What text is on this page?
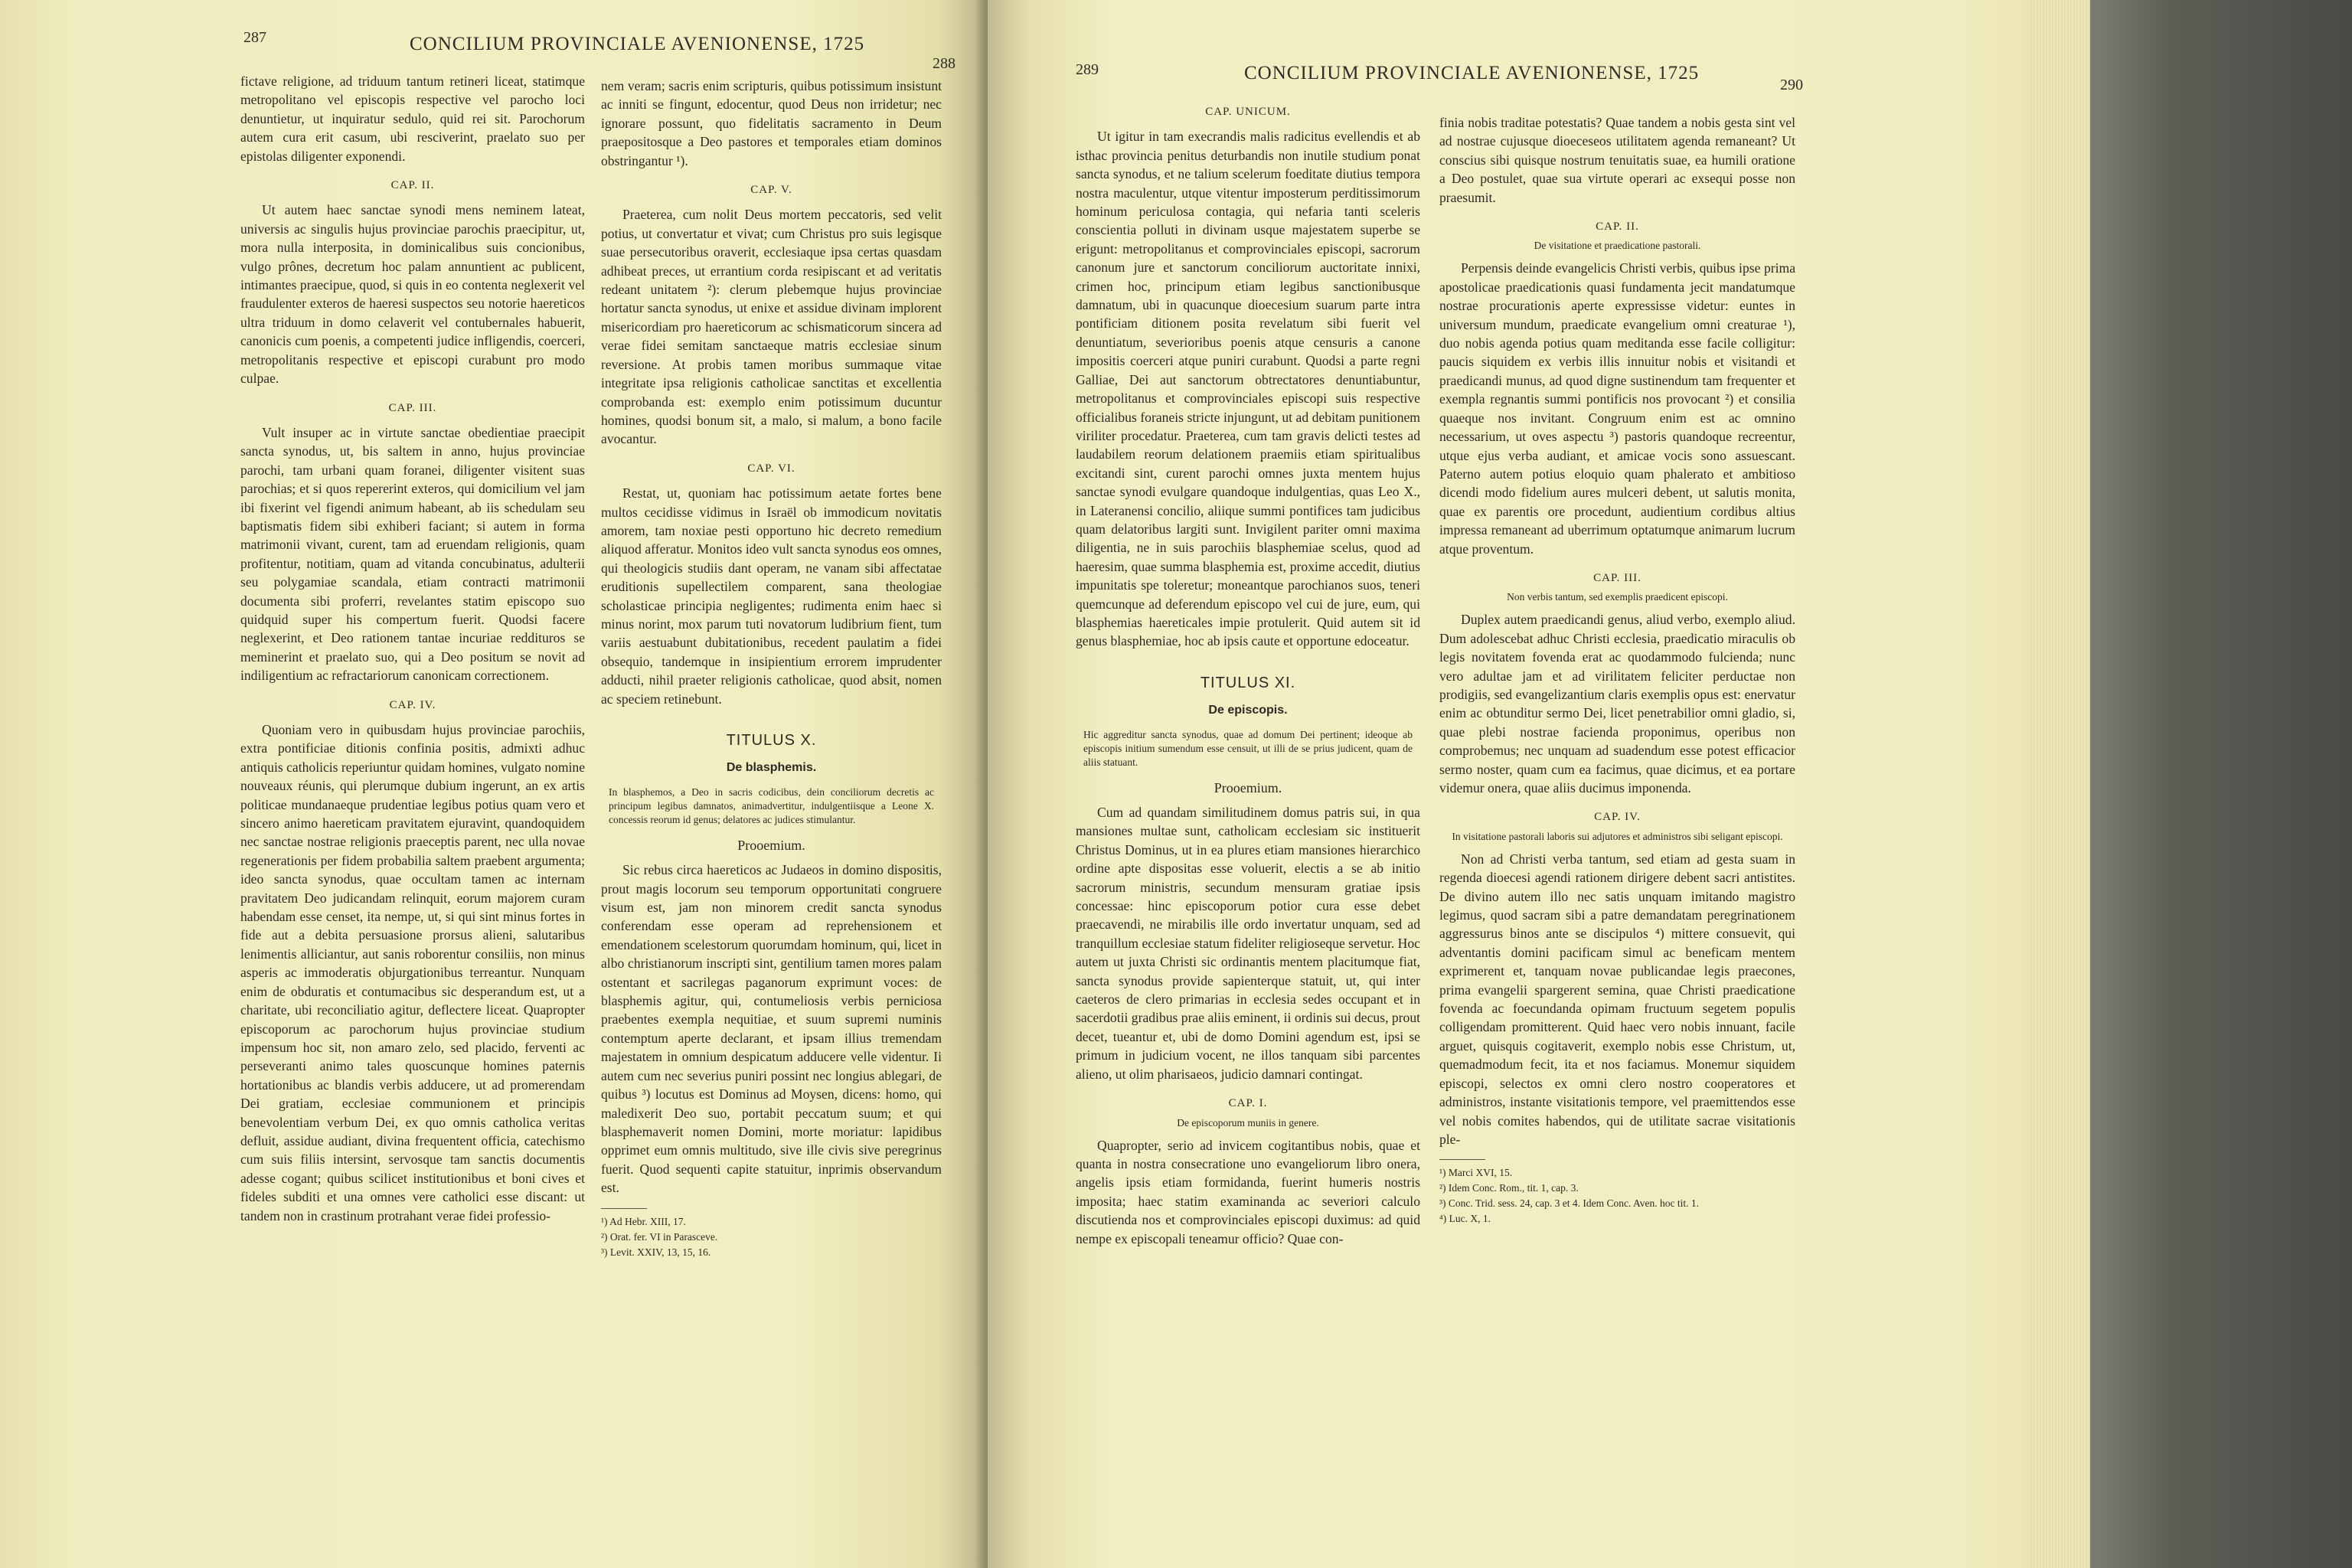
287	CONCILIUM PROVINCIALE AVENIONENSE, 1725
288

fictave religione, ad triduum tantum retineri liceat, statimque metropolitano vel episcopis respective vel parocho loci denuntietur, ut inquiratur sedulo, quid rei sit. Parochorum autem cura erit casum, ubi resciverint, praelato suo per epistolas diligenter exponendi.

CAP. II.

Ut autem haec sanctae synodi mens neminem lateat, universis ac singulis hujus provinciae parochis praecipitur, ut, mora nulla interposita, in dominicalibus suis concionibus, vulgo prônes, decretum hoc palam annuntient ac publicent, intimantes praecipue, quod, si quis in eo contenta neglexerit vel fraudulenter exteros de haeresi suspectos seu notorie haereticos ultra triduum in domo celaverit vel contubernales habuerit, canonicis cum poenis, a competenti judice infligendis, coerceri, metropolitanis respective et episcopi curabunt pro modo culpae.

CAP. III.

Vult insuper ac in virtute sanctae obedientiae praecipit sancta synodus, ut, bis saltem in anno, hujus provinciae parochi, tam urbani quam foranei, diligenter visitent suas parochias; et si quos repererint exteros, qui domicilium vel jam ibi fixerint vel figendi animum habeant, ab iis schedulam seu baptismatis fidem sibi exhiberi faciant; si autem in forma matrimonii vivant, curent, tam ad eruendam religionis, quam profitentur, notitiam, quam ad vitanda concubinatus, adulterii seu polygamiae scandala, etiam contracti matrimonii documenta sibi proferri, revelantes statim episcopo suo quidquid super his compertum fuerit. Quodsi facere neglexerint, et Deo rationem tantae incuriae reddituros se meminerint et praelato suo, qui a Deo positum se novit ad indiligentium ac refractariorum canonicam correctionem.

CAP. IV.

Quoniam vero in quibusdam hujus provinciae parochiis, extra pontificiae ditionis confinia positis, admixti adhuc antiquis catholicis reperiuntur quidam homines, vulgato nomine nouveaux réunis, qui plerumque dubium ingerunt, an ex artis politicae mundanaeque prudentiae legibus potius quam vero et sincero animo haereticam pravitatem ejuravint, quandoquidem nec sanctae nostrae religionis praeceptis parent, nec ulla novae regenerationis per fidem probabilia saltem praebent argumenta; ideo sancta synodus, quae occultam tamen ac internam pravitatem Deo judicandam relinquit, eorum majorem curam habendam esse censet, ita nempe, ut, si qui sint minus fortes in fide aut a debita persuasione prorsus alieni, salutaribus lenimentis alliciantur, aut sanis roborentur consiliis, non minus asperis ac immoderatis objurgationibus terreantur. Nunquam enim de obduratis et contumacibus sic desperandum est, ut a charitate, ubi reconciliatio agitur, deflectere liceat. Quapropter episcoporum ac parochorum hujus provinciae studium impensum hoc sit, non amaro zelo, sed placido, ferventi ac perseveranti animo tales quoscunque homines paternis hortationibus ac blandis verbis adducere, ut ad promerendam Dei gratiam, ecclesiae communionem et principis benevolentiam verbum Dei, ex quo omnis catholica veritas defluit, assidue audiant, divina frequentent officia, catechismo cum suis filiis intersint, servosque tam sanctis documentis adesse cogant; quibus scilicet institutionibus et boni cives et fideles subditi et una omnes vere catholici esse discant: ut tandem non in crastinum protrahant verae fidei professio-

nem veram; sacris enim scripturis, quibus potissimum insistunt ac inniti se fingunt, edocentur, quod Deus non irridetur; nec ignorare possunt, quo fidelitatis sacramento in Deum praepositosque a Deo pastores et temporales etiam dominos obstringantur ¹).

CAP. V.

Praeterea, cum nolit Deus mortem peccatoris, sed velit potius, ut convertatur et vivat; cum Christus pro suis legisque suae persecutoribus oraverit, ecclesiaque ipsa certas quasdam adhibeat preces, ut errantium corda resipiscant et ad veritatis redeant unitatem ²): clerum plebemque hujus provinciae hortatur sancta synodus, ut enixe et assidue divinam implorent misericordiam pro haereticorum ac schismaticorum sincera ad verae fidei semitam sanctaeque matris ecclesiae sinum reversione. At probis tamen moribus summaque vitae integritate ipsa religionis catholicae sanctitas et excellentia comprobanda est: exemplo enim potissimum ducuntur homines, quodsi bonum sit, a malo, si malum, a bono facile avocantur.

CAP. VI.

Restat, ut, quoniam hac potissimum aetate fortes bene multos cecidisse vidimus in Israël ob immodicum novitatis amorem, tam noxiae pesti opportuno hic decreto remedium aliquod afferatur. Monitos ideo vult sancta synodus eos omnes, qui theologicis studiis dant operam, ne vanam sibi affectatae eruditionis supellectilem comparent, sana theologiae scholasticae principia negligentes; rudimenta enim haec si minus norint, mox parum tuti novatorum ludibrium fient, tum variis aestuabunt dubitationibus, recedent paulatim a fidei obsequio, tandemque in insipientium errorem imprudenter adducti, nihil praeter religionis catholicae, quod absit, nomen ac speciem retinebunt.

TITULUS X.
De blasphemis.
In blasphemos, a Deo in sacris codicibus, dein conciliorum decretis ac principum legibus damnatos, animadvertitur, indulgentiisque a Leone X. concessis reorum id genus; delatores ac judices stimulantur.
Prooemium.

Sic rebus circa haereticos ac Judaeos in domino dispositis, prout magis locorum seu temporum opportunitati congruere visum est, jam non minorem credit sancta synodus conferendam esse operam ad reprehensionem et emendationem scelestorum quorumdam hominum, qui, licet in albo christianorum inscripti sint, gentilium tamen mores palam ostentant et sacrilegas paganorum exprimunt voces: de blasphemis agitur, qui, contumeliosis verbis perniciosa praebentes exempla nequitiae, et suum supremi numinis contemptum aperte declarant, et ipsam illius tremendam majestatem in omnium despicatum adducere velle videntur. Ii autem cum nec severius puniri possint nec longius ablegari, de quibus ³) locutus est Dominus ad Moysen, dicens: homo, qui maledixerit Deo suo, portabit peccatum suum; et qui blasphemaverit nomen Domini, morte moriatur: lapidibus opprimet eum omnis multitudo, sive ille civis sive peregrinus fuerit. Quod sequenti capite statuitur, inprimis observandum est.

¹) Ad Hebr. XIII, 17.
²) Orat. fer. VI in Parasceve.
³) Levit. XXIV, 13, 15, 16.
289	CONCILIUM PROVINCIALE AVENIONENSE, 1725
290
CAP. UNICUM.

Ut igitur in tam execrandis malis radicitus evellendis et ab isthac provincia penitus deturbandis non inutile studium ponat sancta synodus, et ne talium scelerum foeditate diutius tempora nostra maculentur, utque vitentur imposterum perditissimorum hominum periculosa contagia, qui nefaria tanti sceleris conscientia polluti in divinam usque majestatem superbe se erigunt: metropolitanus et comprovinciales episcopi, sacrorum canonum jure et sanctorum conciliorum auctoritate innixi, crimen hoc, principum etiam legibus sanctionibusque damnatum, ubi in quacunque dioecesium suarum parte intra pontificiam ditionem posita revelatum sibi fuerit vel denuntiatum, severioribus poenis atque censuris a canone impositis coerceri atque puniri curabunt. Quodsi a parte regni Galliae, Dei aut sanctorum obtrectatores denuntiabuntur, metropolitanus et comprovinciales episcopi suis respective officialibus foraneis stricte injungunt, ut ad debitam punitionem viriliter procedatur. Praeterea, cum tam gravis delicti testes ad laudabilem reorum delationem praemiis etiam spiritualibus excitandi sint, curent parochi omnes juxta mentem hujus sanctae synodi evulgare quandoque indulgentias, quas Leo X., in Lateranensi concilio, aliique summi pontifices tam judicibus quam delatoribus largiti sunt. Invigilent pariter omni maxima diligentia, ne in suis parochiis blasphemiae scelus, quod ad haeresim, quae summa blasphemia est, proxime accedit, diutius impunitatis spe toleretur; moneantque parochianos suos, teneri quemcunque ad deferendum episcopo vel cui de jure, eum, qui blasphemias haereticales impie protulerit. Quid autem sit id genus blasphemiae, hoc ab ipsis caute et opportune edoceatur.

TITULUS XI.
De episcopis.
Hic aggreditur sancta synodus, quae ad domum Dei pertinent; ideoque ab episcopis initium sumendum esse censuit, ut illi de se prius judicent, quam de aliis statuant.
Prooemium.

Cum ad quandam similitudinem domus patris sui, in qua mansiones multae sunt, catholicam ecclesiam sic instituerit Christus Dominus, ut in ea plures etiam mansiones hierarchico ordine apte dispositas esse voluerit, electis a se ab initio sacrorum ministris, secundum mensuram gratiae ipsis concessae: hinc episcoporum potior cura esse debet praecavendi, ne mirabilis ille ordo invertatur unquam, sed ad tranquillum ecclesiae statum fideliter religioseque servetur. Hoc autem ut juxta Christi sic ordinantis mentem placitumque fiat, sancta synodus provide sapienterque statuit, ut, qui inter caeteros de clero primarias in ecclesia sedes occupant et in sacerdotii gradibus prae aliis eminent, ii ordinis sui decus, prout decet, tueantur et, ubi de domo Domini agendum est, ipsi se primum in judicium vocent, ne illos tanquam sibi parcentes alieno, ut olim pharisaeos, judicio damnari contingat.

CAP. I.
De episcoporum muniis in genere.

Quapropter, serio ad invicem cogitantibus nobis, quae et quanta in nostra consecratione uno evangeliorum libro onera, angelis ipsis etiam formidanda, fuerint humeris nostris imposita; haec statim examinanda ac severiori calculo discutienda nos et comprovinciales episcopi duximus: ad quid nempe ex episcopali teneamur officio? Quae con-

finia nobis traditae potestatis? Quae tandem a nobis gesta sint vel ad nostrae cujusque dioeceseos utilitatem agenda remaneant? Ut conscius sibi quisque nostrum tenuitatis suae, ea humili oratione a Deo postulet, quae sua virtute operari ac exsequi posse non praesumit.

CAP. II.
De visitatione et praedicatione pastorali.

Perpensis deinde evangelicis Christi verbis, quibus ipse prima apostolicae praedicationis quasi fundamenta jecit mandatumque nostrae procurationis aperte expressisse videtur: euntes in universum mundum, praedicate evangelium omni creaturae ¹), duo nobis agenda potius quam meditanda esse facile colligitur: paucis siquidem ex verbis illis innuitur nobis et visitandi et praedicandi munus, ad quod digne sustinendum tam frequenter et exempla regnantis summi pontificis nos provocant ²) et consilia quaeque nos invitant. Congruum enim est ac omnino necessarium, ut oves aspectu ³) pastoris quandoque recreentur, utque ejus verba audiant, et amicae vocis sono assuescant. Paterno autem potius eloquio quam phalerato et ambitioso dicendi modo fidelium aures mulceri debent, ut salutis monita, quae ex parentis ore procedunt, audientium cordibus altius impressa remaneant ad uberrimum optatumque animarum lucrum atque proventum.

CAP. III.
Non verbis tantum, sed exemplis praedicent episcopi.

Duplex autem praedicandi genus, aliud verbo, exemplo aliud. Dum adolescebat adhuc Christi ecclesia, praedicatio miraculis ob legis novitatem fovenda erat ac quodammodo fulcienda; nunc vero adultae jam et ad virilitatem feliciter perductae non prodigiis, sed evangelizantium claris exemplis opus est: enervatur enim ac obtunditur sermo Dei, licet penetrabilior omni gladio, si, quae plebi nostrae facienda proponimus, operibus non comprobemus; nec unquam ad suadendum esse potest efficacior sermo noster, quam cum ea facimus, quae dicimus, et ea portare videmur onera, quae aliis ducimus imponenda.

CAP. IV.
In visitatione pastorali laboris sui adjutores et administros sibi seligant episcopi.

Non ad Christi verba tantum, sed etiam ad gesta suam in regenda dioecesi agendi rationem dirigere debent sacri antistites. De divino autem illo nec satis unquam imitando magistro legimus, quod sacram sibi a patre demandatam peregrinationem aggressurus binos ante se discipulos ⁴) mittere consuevit, qui adventantis domini pacificam simul ac beneficam mentem exprimerent et, tanquam novae publicandae legis praecones, prima evangelii spargerent semina, quae Christi praedicatione fovenda ac foecundanda opimam fructuum segetem populis colligendam promitterent. Quid haec vero nobis innuant, facile arguet, quisquis cogitaverit, exemplo nobis esse Christum, ut, quemadmodum fecit, ita et nos faciamus. Monemur siquidem episcopi, selectos ex omni clero nostro cooperatores et administros, instante visitationis tempore, vel praemittendos esse vel nobis comites habendos, qui de utilitate sacrae visitationis ple-

¹) Marci XVI, 15.
²) Idem Conc. Rom., tit. 1, cap. 3.
³) Conc. Trid. sess. 24, cap. 3 et 4. Idem Conc. Aven. hoc tit. 1.
⁴) Luc. X, 1.
